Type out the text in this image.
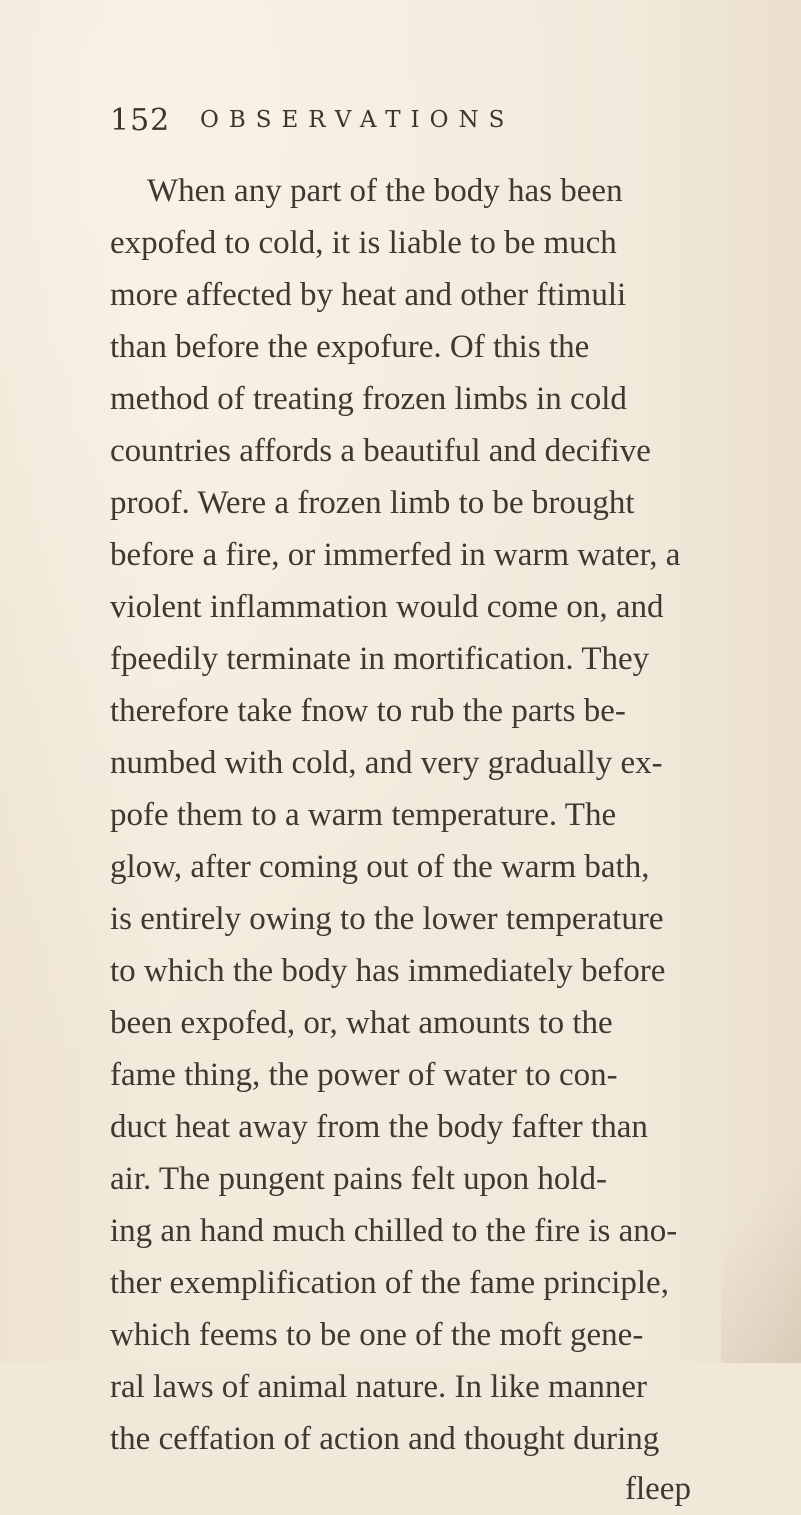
152 OBSERVATIONS
When any part of the body has been
expofed to cold, it is liable to be much
more affected by heat and other ftimuli
than before the expofure. Of this the
method of treating frozen limbs in cold
countries affords a beautiful and decifive
proof. Were a frozen limb to be brought
before a fire, or immerfed in warm water, a
violent inflammation would come on, and
fpeedily terminate in mortification. They
therefore take fnow to rub the parts be-
numbed with cold, and very gradually ex-
pofe them to a warm temperature. The
glow, after coming out of the warm bath,
is entirely owing to the lower temperature
to which the body has immediately before
been expofed, or, what amounts to the
fame thing, the power of water to con-
duct heat away from the body fafter than
air. The pungent pains felt upon hold-
ing an hand much chilled to the fire is ano-
ther exemplification of the fame principle,
which feems to be one of the moft gene-
ral laws of animal nature. In like manner
the ceffation of action and thought during
fleep
